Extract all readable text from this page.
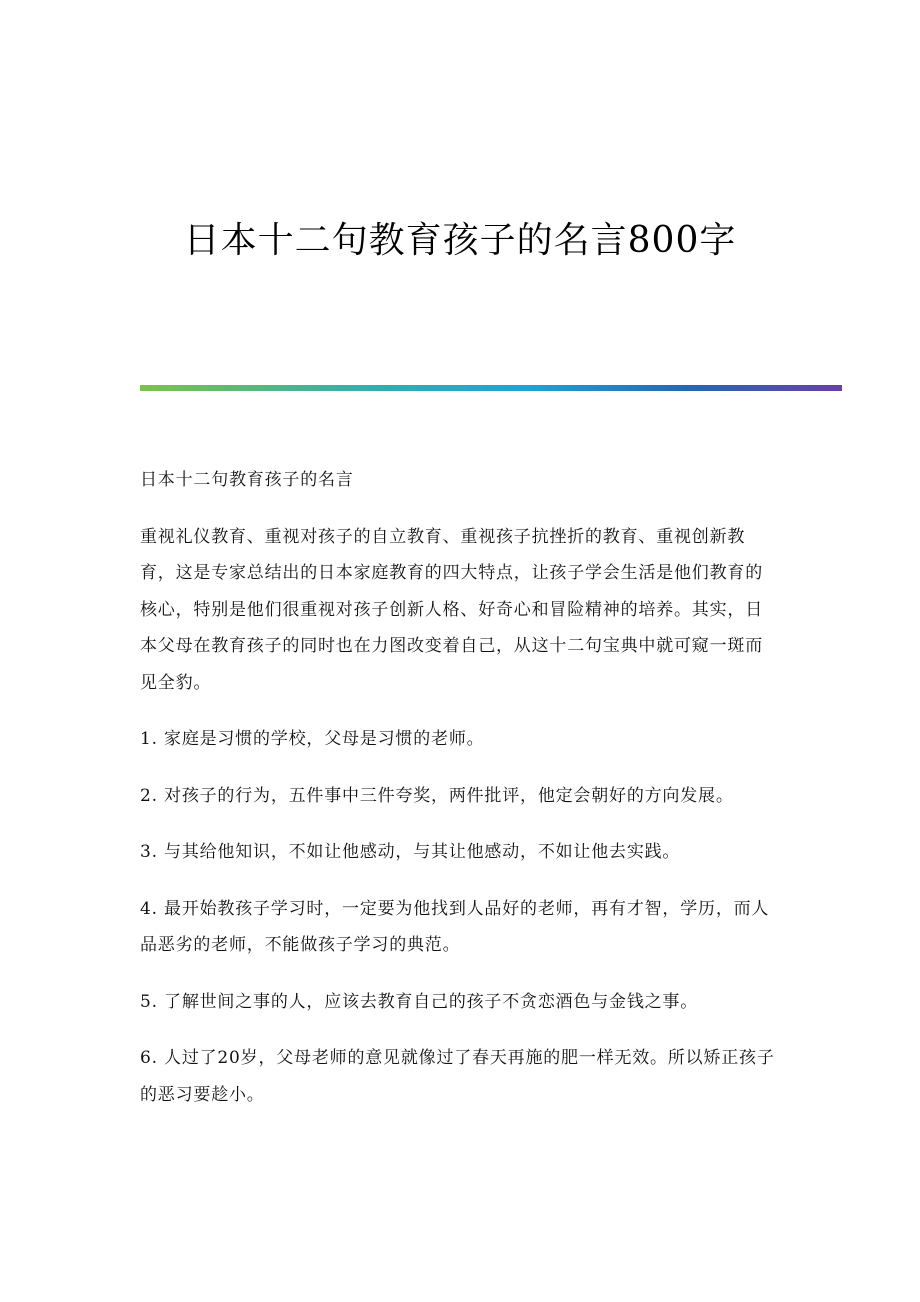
日本十二句教育孩子的名言800字

日本十二句教育孩子的名言

重视礼仪教育、重视对孩子的自立教育、重视孩子抗挫折的教育、重视创新教育，这是专家总结出的日本家庭教育的四大特点，让孩子学会生活是他们教育的核心，特别是他们很重视对孩子创新人格、好奇心和冒险精神的培养。其实，日本父母在教育孩子的同时也在力图改变着自己，从这十二句宝典中就可窥一斑而见全豹。

1. 家庭是习惯的学校，父母是习惯的老师。

2. 对孩子的行为，五件事中三件夸奖，两件批评，他定会朝好的方向发展。

3. 与其给他知识，不如让他感动，与其让他感动，不如让他去实践。

4. 最开始教孩子学习时，一定要为他找到人品好的老师，再有才智，学历，而人品恶劣的老师，不能做孩子学习的典范。

5. 了解世间之事的人，应该去教育自己的孩子不贪恋酒色与金钱之事。

6. 人过了20岁，父母老师的意见就像过了春天再施的肥一样无效。所以矫正孩子的恶习要趁小。
